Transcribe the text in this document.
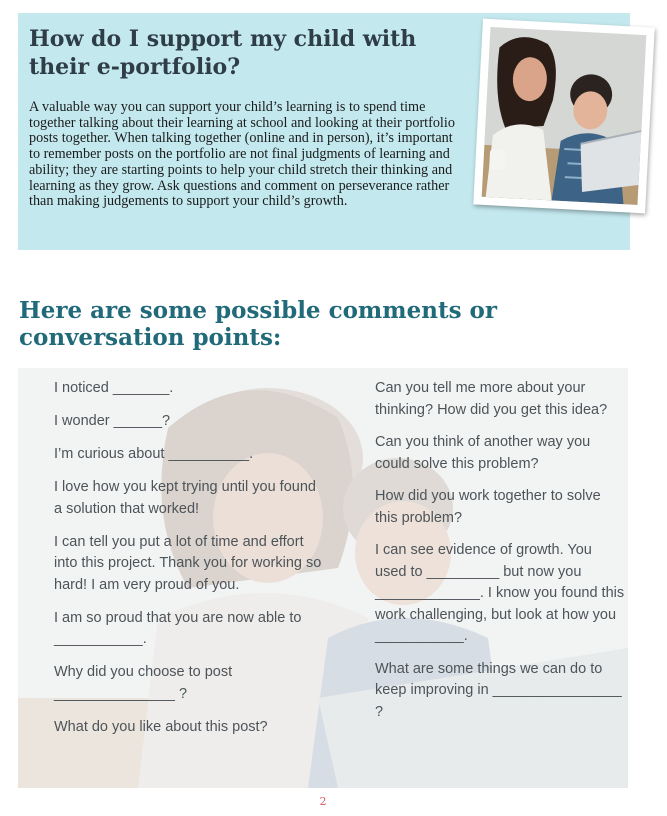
How do I support my child with their e-portfolio?

A valuable way you can support your child’s learning is to spend time together talking about their learning at school and looking at their portfolio posts together. When talking together (online and in person), it’s important to remember posts on the portfolio are not final judgments of learning and ability; they are starting points to help your child stretch their thinking and learning as they grow. Ask questions and comment on perseverance rather than making judgements to support your child’s growth.

Here are some possible comments or conversation points:
I noticed _______.
I wonder ______?
I’m curious about __________.
I love how you kept trying until you found a solution that worked!
I can tell you put a lot of time and effort into this project. Thank you for working so hard! I am very proud of you.
I am so proud that you are now able to ___________.
Why did you choose to post _______________ ?
What do you like about this post?
Can you tell me more about your thinking? How did you get this idea?
Can you think of another way you could solve this problem?
How did you work together to solve this problem?
I can see evidence of growth. You used to _________ but now you _____________. I know you found this work challenging, but look at how you ___________.
What are some things we can do to keep improving in ________________ ?
2
